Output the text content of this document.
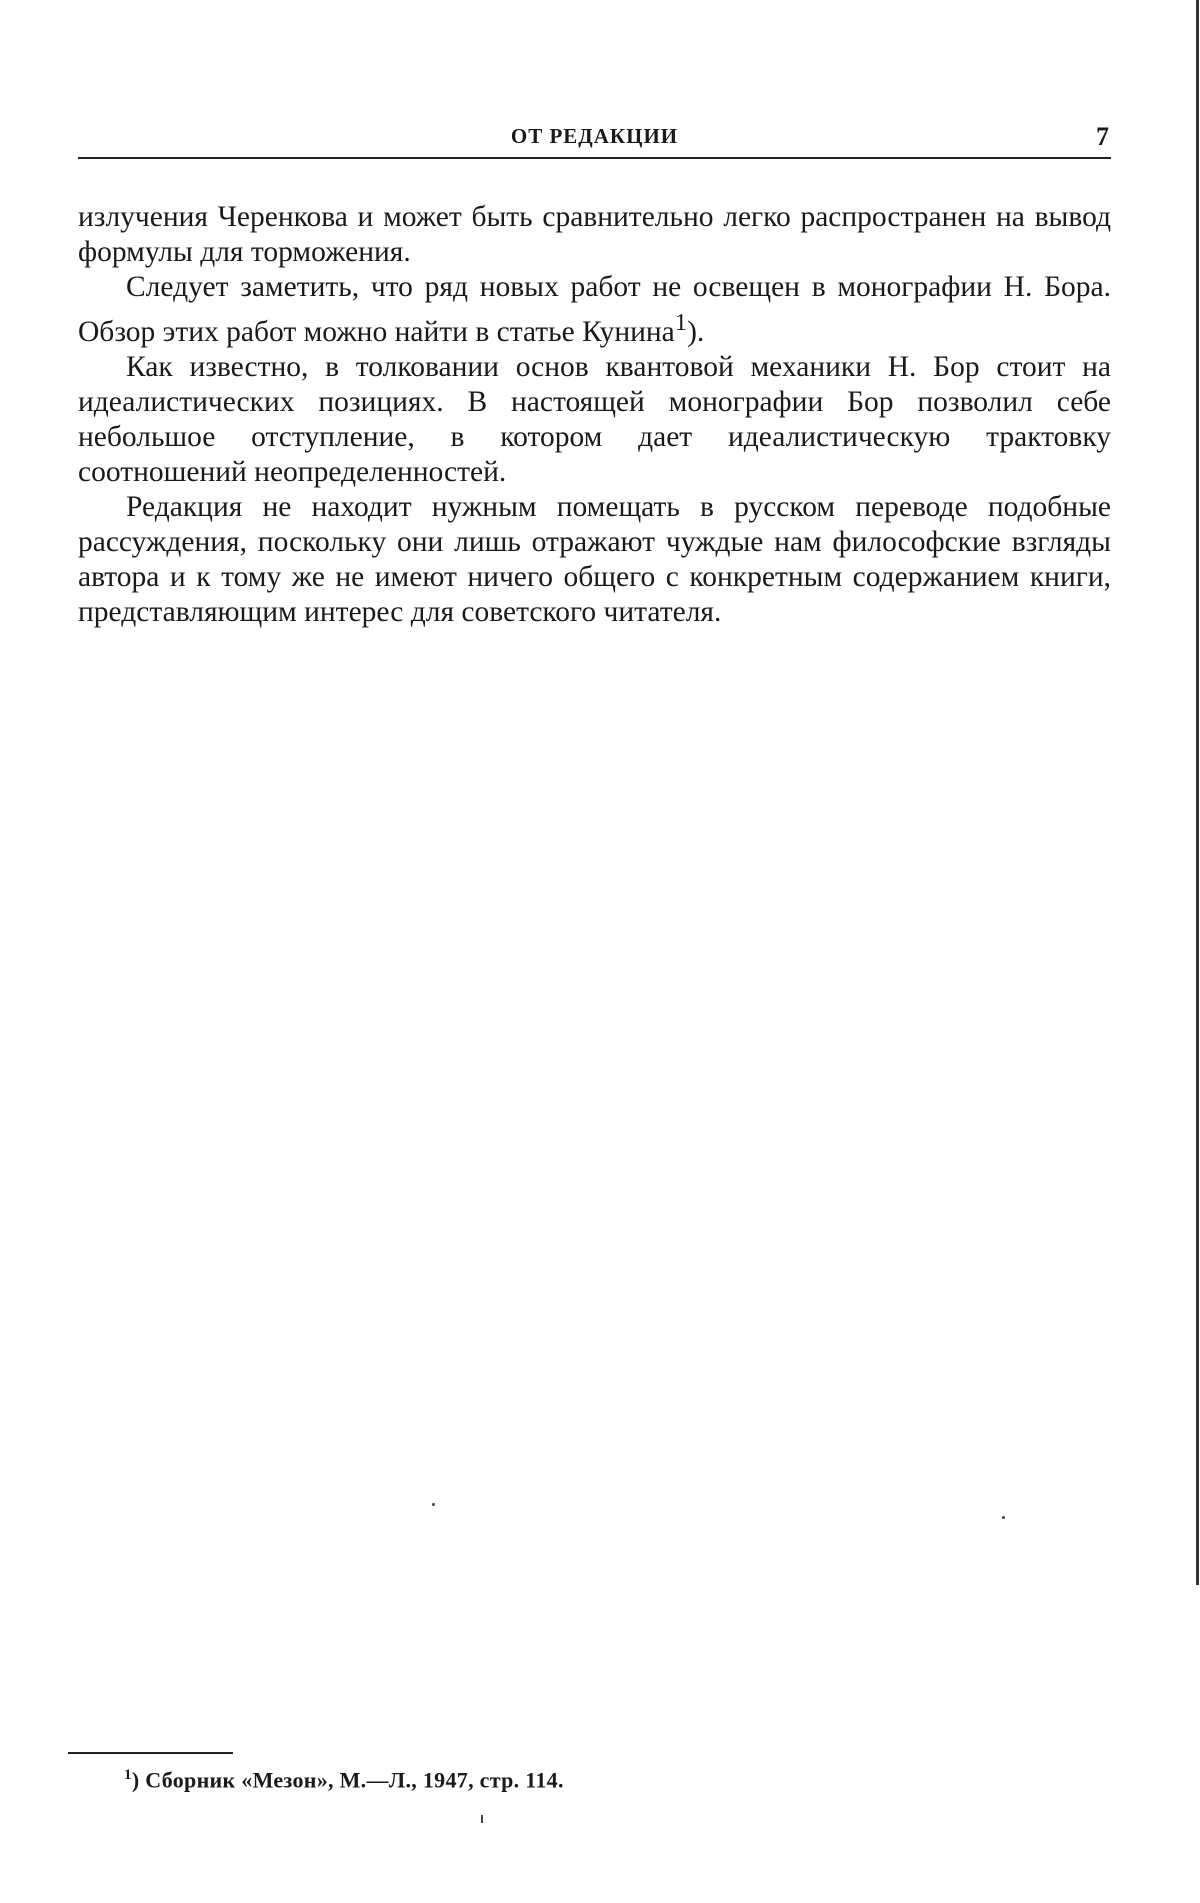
ОТ РЕДАКЦИИ	7

излучения Черенкова и может быть сравнительно легко распространен на вывод формулы для торможения.

Следует заметить, что ряд новых работ не освещен в монографии Н. Бора. Обзор этих работ можно найти в статье Кунина$^1$).

Как известно, в толковании основ квантовой механики Н. Бор стоит на идеалистических позициях. В настоящей монографии Бор позволил себе небольшое отступление, в котором дает идеалистическую трактовку соотношений неопределенностей.

Редакция не находит нужным помещать в русском переводе подобные рассуждения, поскольку они лишь отражают чуждые нам философские взгляды автора и к тому же не имеют ничего общего с конкретным содержанием книги, представляющим интерес для советского читателя.

$^1$) Сборник «Мезон», М.—Л., 1947, стр. 114.
